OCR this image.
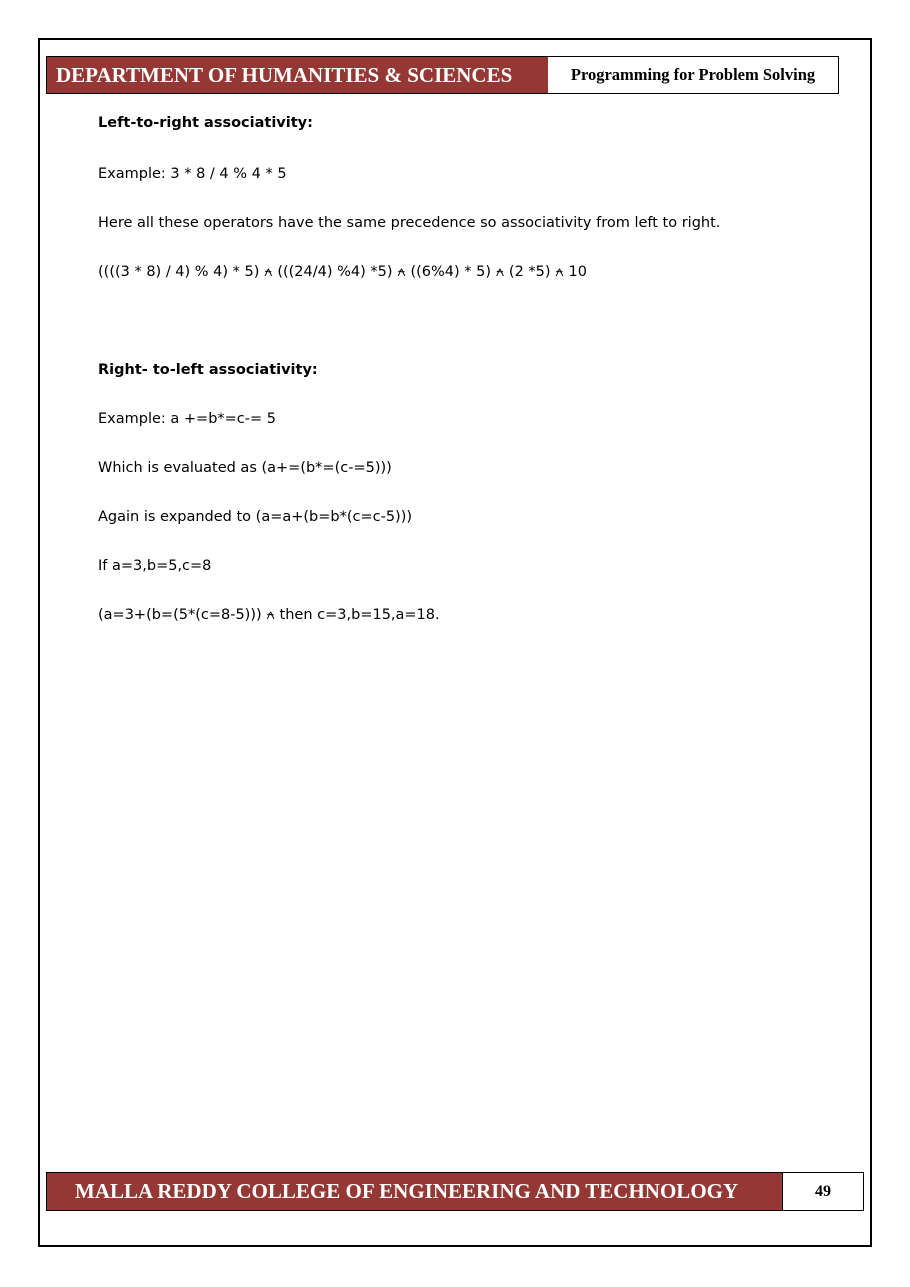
DEPARTMENT OF HUMANITIES & SCIENCES	Programming for Problem Solving
Left-to-right associativity:
Example: 3 * 8 / 4 % 4 * 5
Here all these operators have the same precedence so associativity from left to right.
((((3 * 8) / 4) % 4) * 5) ⍲ (((24/4) %4) *5) ⍲ ((6%4) * 5) ⍲ (2 *5) ⍲ 10
Right- to-left associativity:
Example: a +=b*=c-= 5
Which is evaluated as (a+=(b*=(c-=5)))
Again is expanded to (a=a+(b=b*(c=c-5)))
If a=3,b=5,c=8
(a=3+(b=(5*(c=8-5))) ⍲ then c=3,b=15,a=18.
MALLA REDDY COLLEGE OF ENGINEERING AND TECHNOLOGY	49
